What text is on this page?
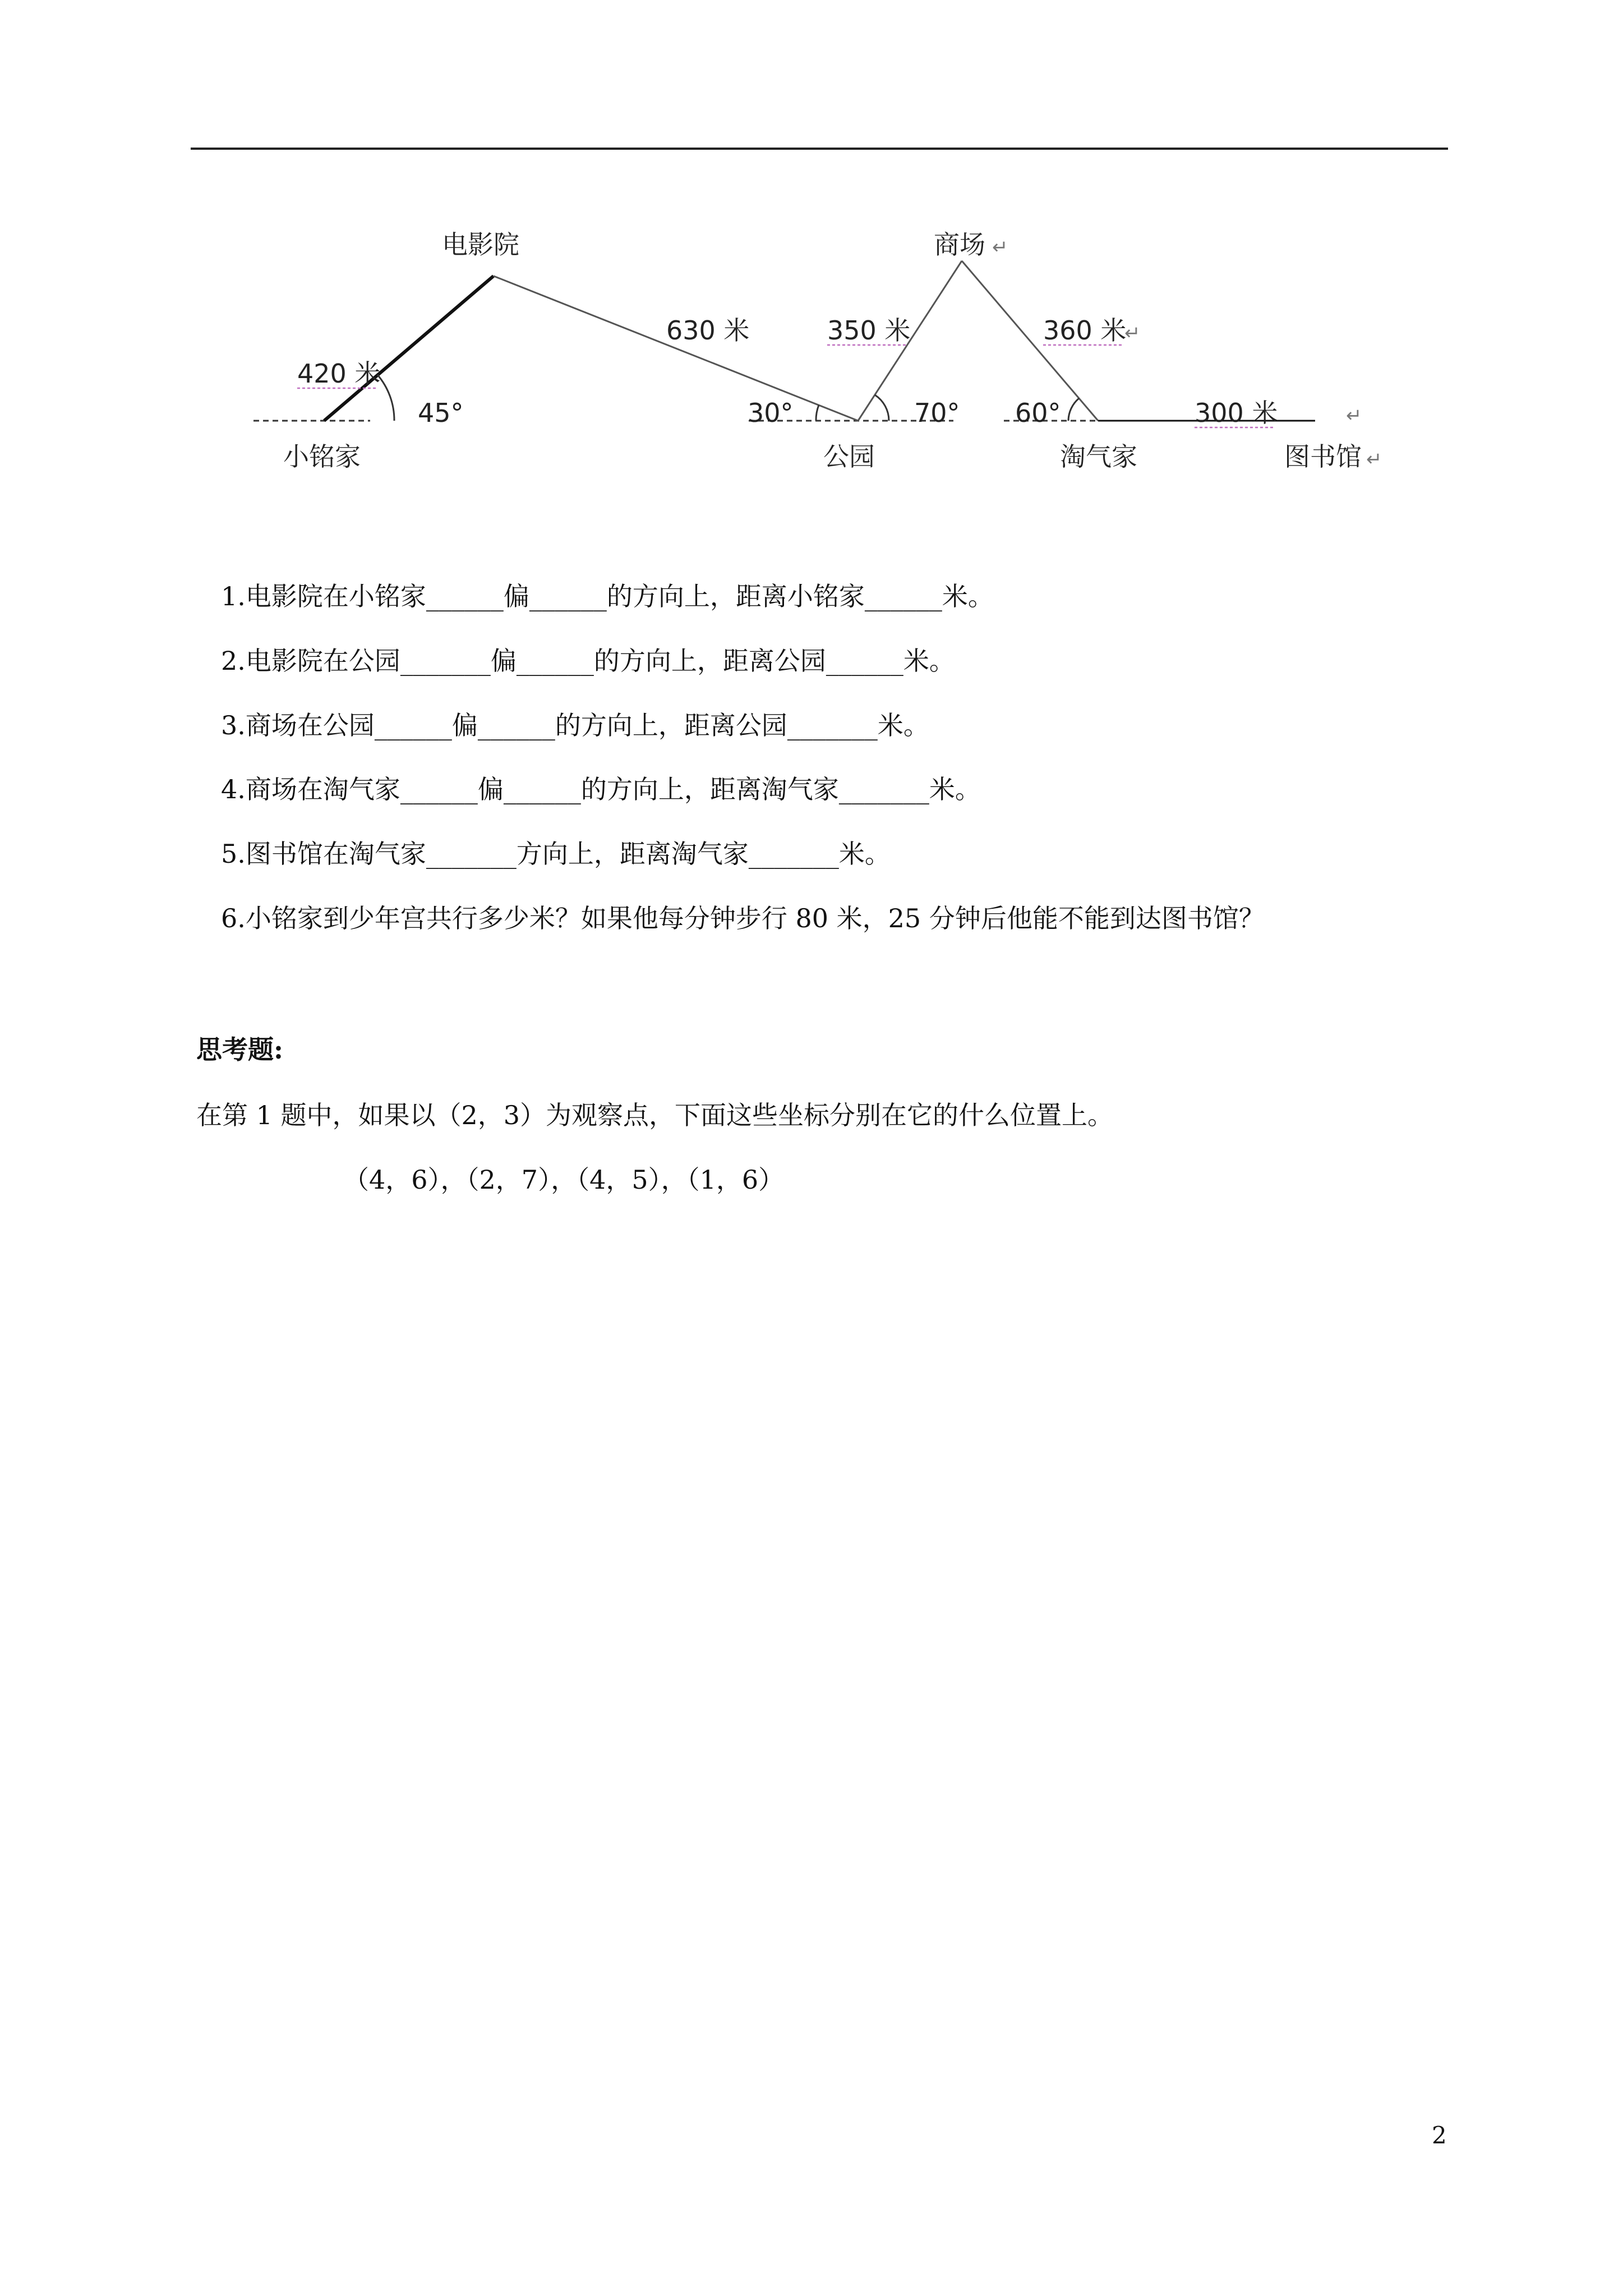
电影院	商场 ↵
小铭家	公园	淘气家	图书馆 ↵
↵
420 米
630 米	350 米	360 米
↵
300 米
45°	30°	70° 60°
1.电影院在小铭家______偏______的方向上，距离小铭家______米。
2.电影院在公园_______偏______的方向上，距离公园______米。
3.商场在公园______偏______的方向上，距离公园_______米。
4.商场在淘气家______偏______的方向上，距离淘气家_______米。
5.图书馆在淘气家_______方向上，距离淘气家_______米。
6.小铭家到少年宫共行多少米？如果他每分钟步行 80 米，25 分钟后他能不能到达图书馆？
思考题:
在第 1 题中，如果以（2，3）为观察点，下面这些坐标分别在它的什么位置上。
（4，6），（2，7），（4，5），（1，6）
2
